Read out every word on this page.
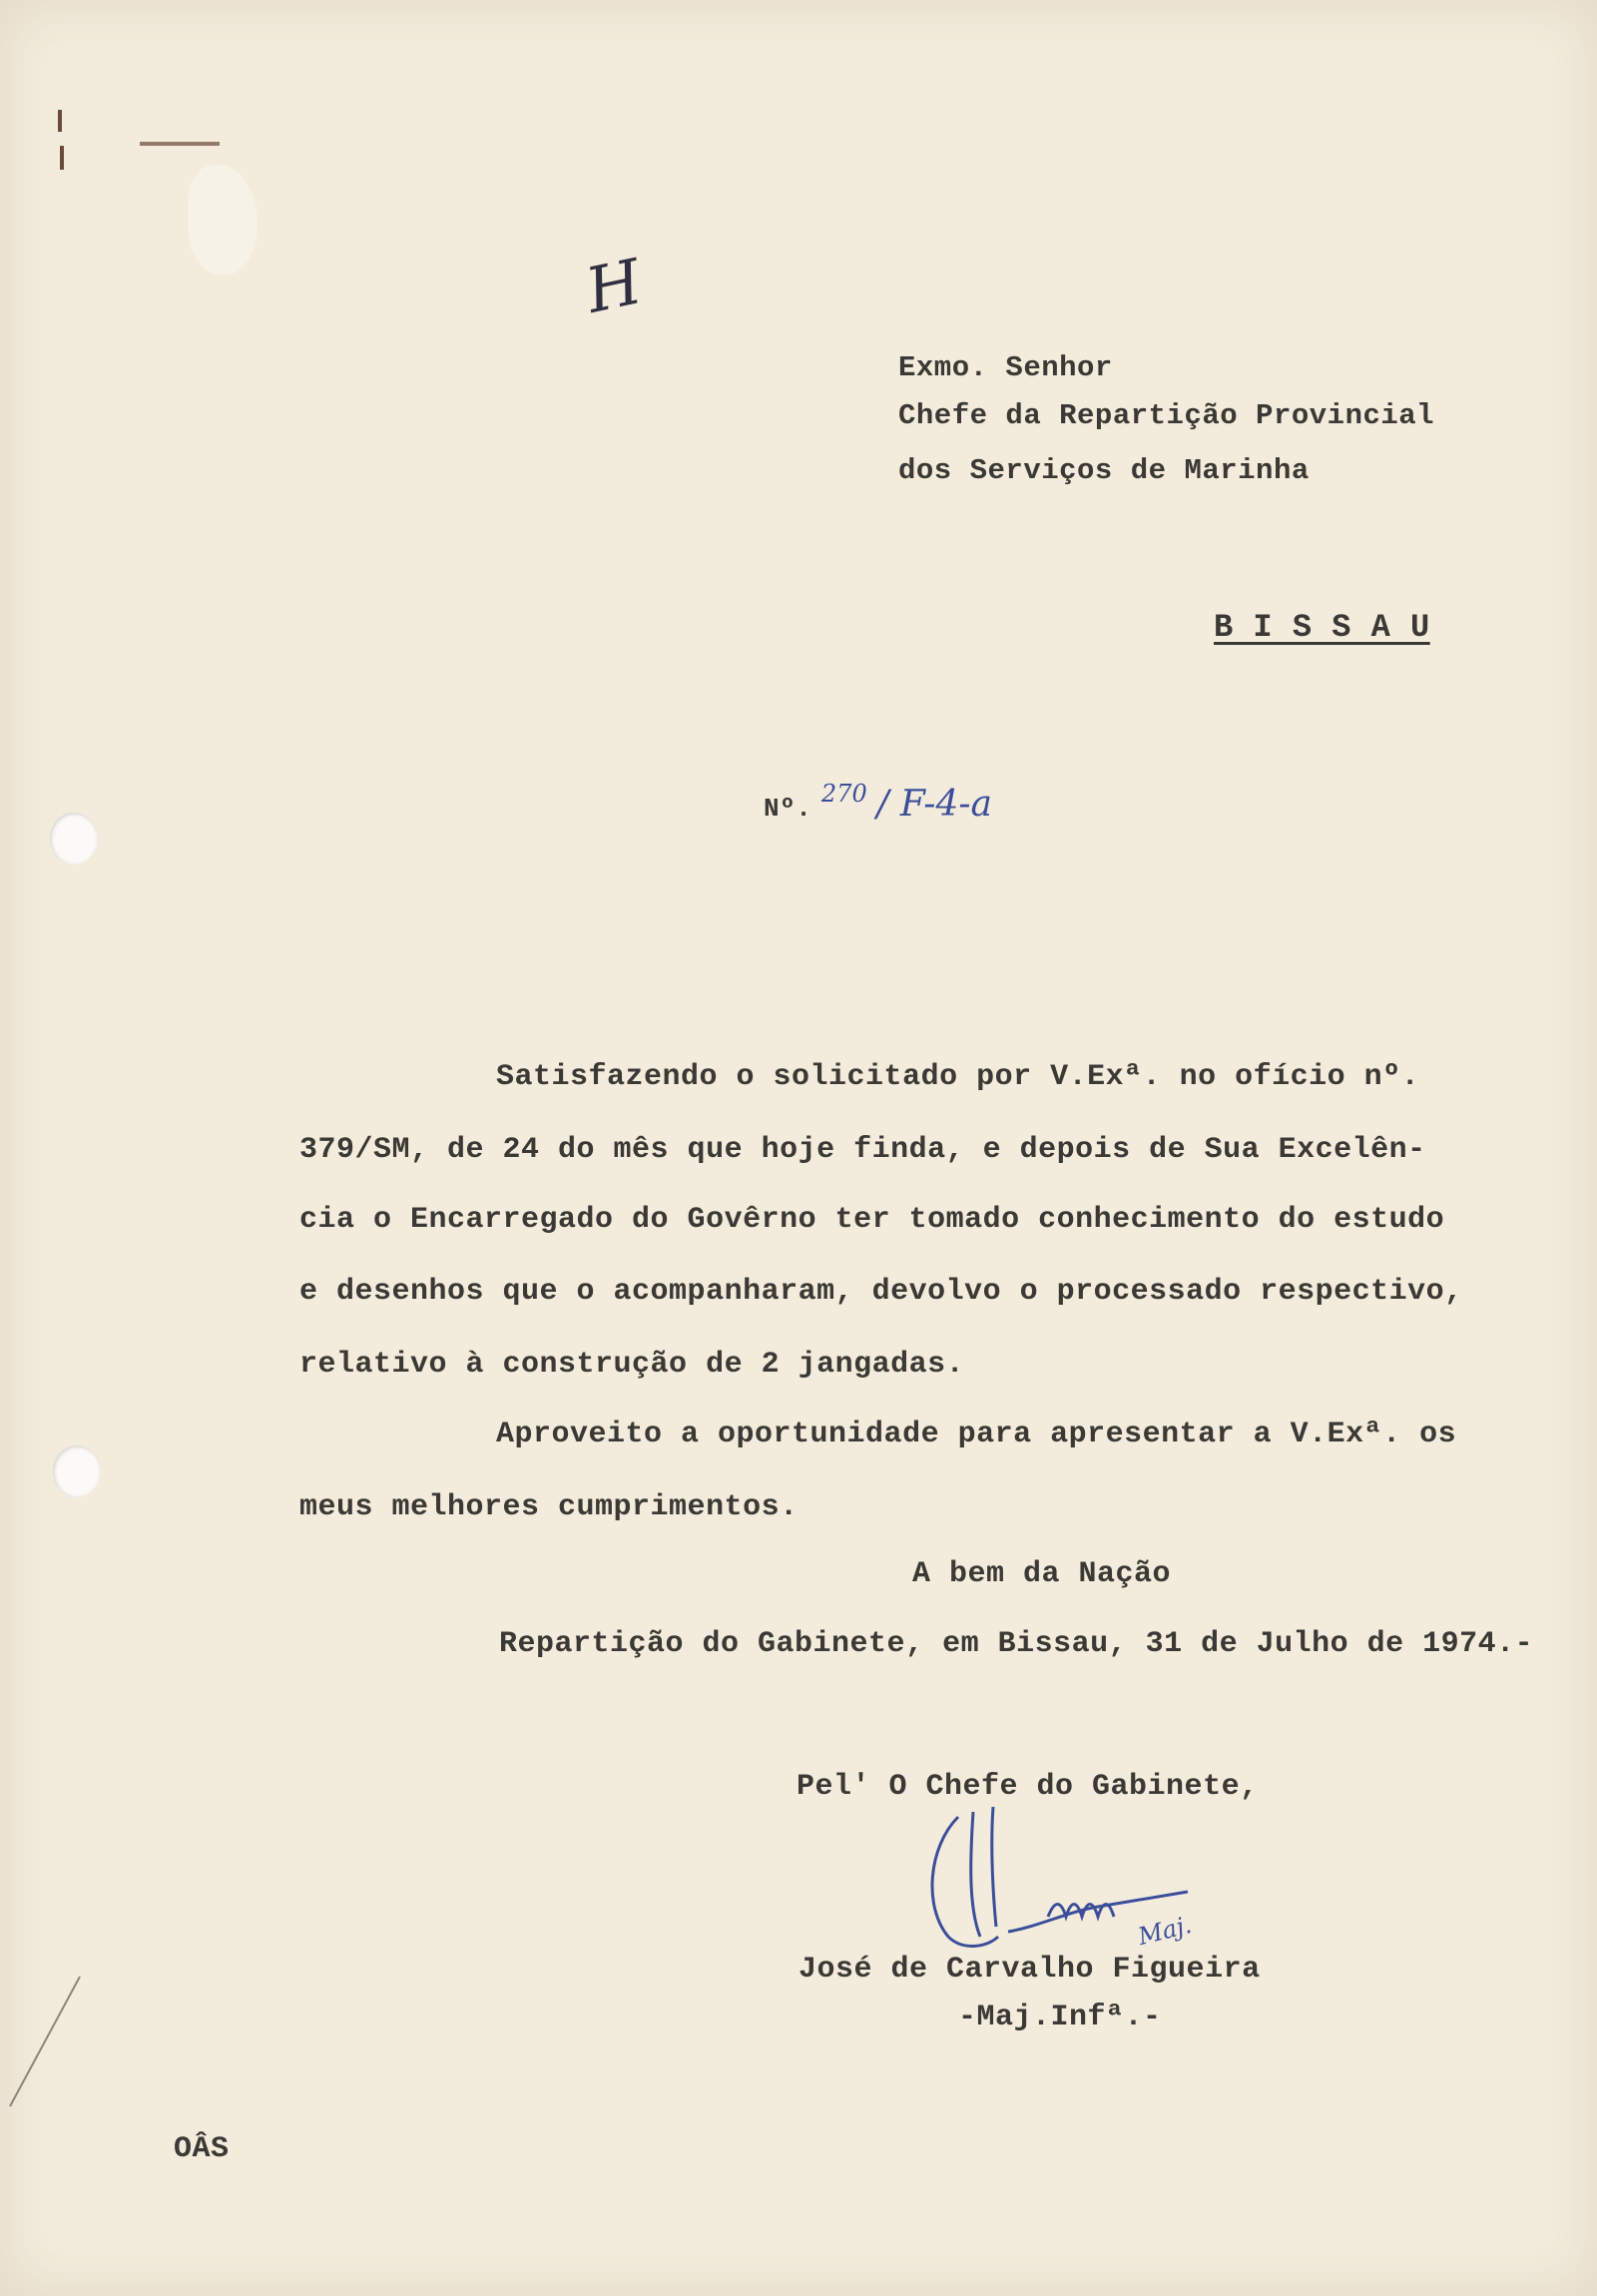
H
Exmo. Senhor
Chefe da Repartição Provincial
dos Serviços de Marinha
B I S S A U
Nº. 270 / F-4-a
Satisfazendo o solicitado por V.Exª. no ofício nº.
379/SM, de 24 do mês que hoje finda, e depois de Sua Excelên-
cia o Encarregado do Govêrno ter tomado conhecimento do estudo
e desenhos que o acompanharam, devolvo o processado respectivo,
relativo à construção de 2 jangadas.
Aproveito a oportunidade para apresentar a V.Exª. os
meus melhores cumprimentos.
A bem da Nação
Repartição do Gabinete, em Bissau, 31 de Julho de 1974.-
Pel' O Chefe do Gabinete,
Maj.
José de Carvalho Figueira
-Maj.Infª.-
OÂS
